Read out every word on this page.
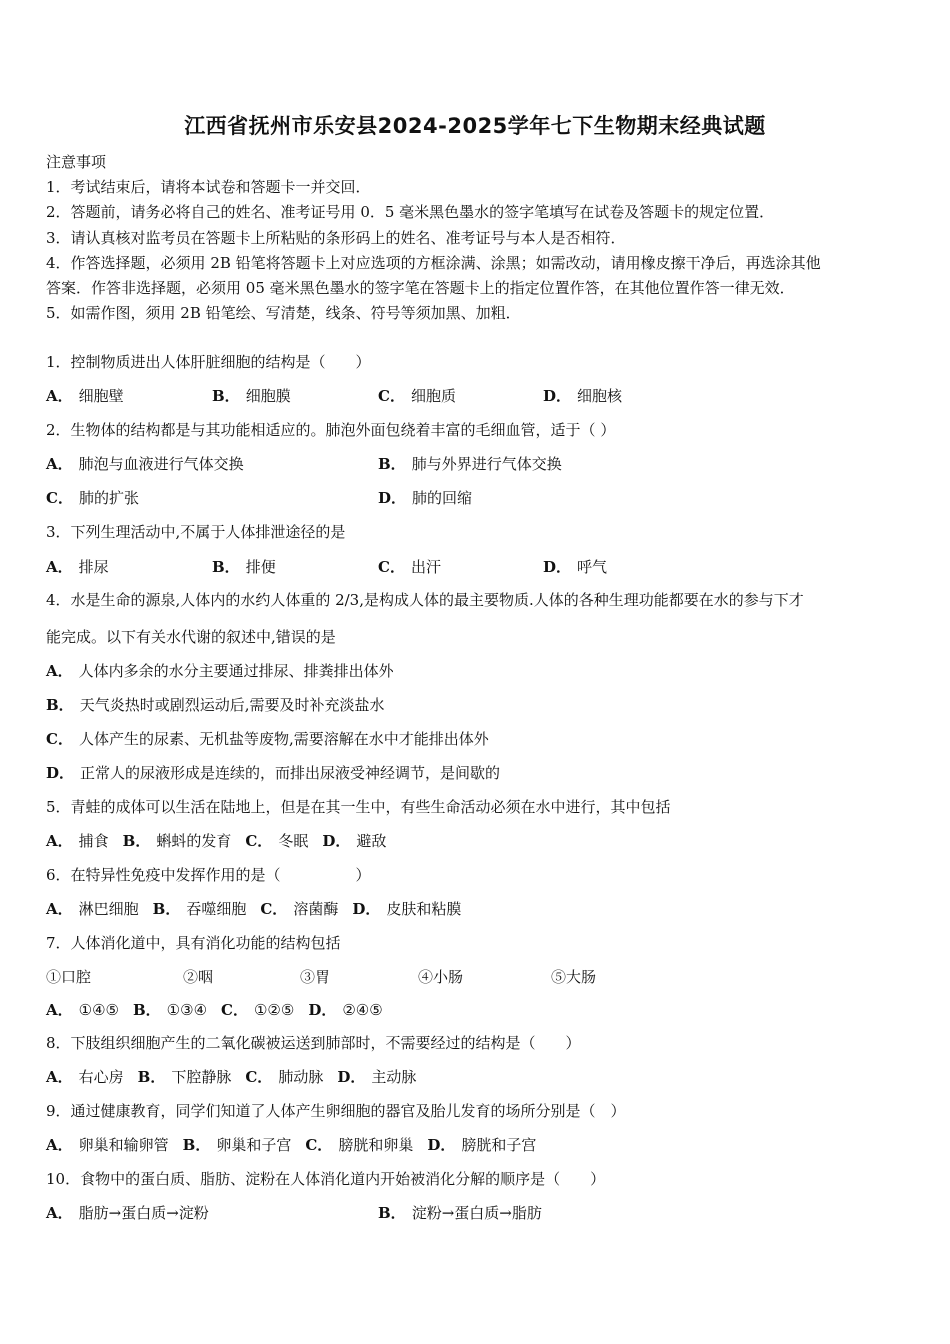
江西省抚州市乐安县2024-2025学年七下生物期末经典试题
注意事项
1．考试结束后，请将本试卷和答题卡一并交回．
2．答题前，请务必将自己的姓名、准考证号用 0．5 毫米黑色墨水的签字笔填写在试卷及答题卡的规定位置．
3．请认真核对监考员在答题卡上所粘贴的条形码上的姓名、准考证号与本人是否相符．
4．作答选择题，必须用 2B 铅笔将答题卡上对应选项的方框涂满、涂黑；如需改动，请用橡皮擦干净后，再选涂其他
答案．作答非选择题，必须用 05 毫米黑色墨水的签字笔在答题卡上的指定位置作答，在其他位置作答一律无效．
5．如需作图，须用 2B 铅笔绘、写清楚，线条、符号等须加黑、加粗．
1．控制物质进出人体肝脏细胞的结构是（　　）
A． 细胞壁	B． 细胞膜	C． 细胞质	D． 细胞核
2．生物体的结构都是与其功能相适应的。肺泡外面包绕着丰富的毛细血管，适于（ ）
A． 肺泡与血液进行气体交换	B． 肺与外界进行气体交换
C． 肺的扩张	D． 肺的回缩
3．下列生理活动中,不属于人体排泄途径的是
A． 排尿	B． 排便	C． 出汗	D． 呼气
4．水是生命的源泉,人体内的水约人体重的 2/3,是构成人体的最主要物质.人体的各种生理功能都要在水的参与下才
能完成。以下有关水代谢的叙述中,错误的是
A． 人体内多余的水分主要通过排尿、排粪排出体外
B． 天气炎热时或剧烈运动后,需要及时补充淡盐水
C． 人体产生的尿素、无机盐等废物,需要溶解在水中才能排出体外
D． 正常人的尿液形成是连续的，而排出尿液受神经调节，是间歇的
5．青蛙的成体可以生活在陆地上，但是在其一生中，有些生命活动必须在水中进行，其中包括
A． 捕食 B． 蝌蚪的发育 C． 冬眠 D． 避敌
6．在特异性免疫中发挥作用的是（　　　　　）
A． 淋巴细胞 B． 吞噬细胞 C． 溶菌酶 D． 皮肤和粘膜
7．人体消化道中，具有消化功能的结构包括
①口腔	②咽	③胃	④小肠	⑤大肠
A． ①④⑤ B． ①③④ C． ①②⑤ D． ②④⑤
8．下肢组织细胞产生的二氧化碳被运送到肺部时，不需要经过的结构是（　　）
A． 右心房 B． 下腔静脉 C． 肺动脉 D． 主动脉
9．通过健康教育，同学们知道了人体产生卵细胞的器官及胎儿发育的场所分别是（　）
A． 卵巢和输卵管 B． 卵巢和子宫 C． 膀胱和卵巢 D． 膀胱和子宫
10．食物中的蛋白质、脂肪、淀粉在人体消化道内开始被消化分解的顺序是（　　）
A． 脂肪→蛋白质→淀粉	B． 淀粉→蛋白质→脂肪
